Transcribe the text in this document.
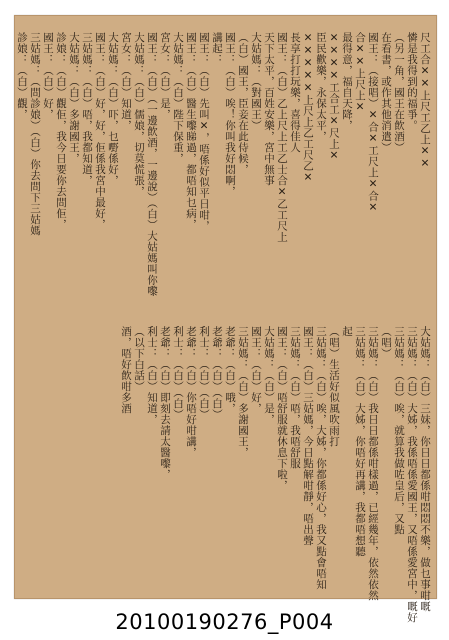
尺工合✕✕上尺工乙上✕✕
憐是我得到的福爭。
（另一角，國王在飲酒）
在看書，或作其他消遣）
國王：（接唱）✕合✕工尺上✕合✕
合✕✕上尺上✕
最得意，福自天降，
✕✕✕✕工合工✕尺上✕
臣民歡樂，永保太平，
✕✕✕✕✕上尺上乙工尺乙✕
長享打打玩樂，喜得佳人
國王：（白）乙上尺上工乙士合✕乙工尺上
天下太平，百姓安樂，宮中無事
大姑媽：（對國王）
（白）國王，臣妾在此侍候，
國王：（白）唉！你叫我好悶啊，
講起：
國王：（白）先叫✕，唔係好似平日咁，
國王：（白）醫生嚟睇過，都唔知乜病，
大姑媽：（白）陛下保重，
宮女：（白）是，
國王：（白）（一邊飲酒，一邊說）（白）大姑媽叫你嚟
大姑媽：（白）儒娘，切莫慌張，
宮女：（白）知道，
大姑媽：（白）吓，乜嘢係好，
國王：（白）好，好，佢係我宮中最好，
三姑媽：（白）唔，我都知道，
大姑媽：（白）多謝國王，
診娘：（白）觀佢，我今日要你去問佢，
國王：（白）好，
三姑媽：（問診娘）（白）你去問下三姑媽
診娘：（白）觀，
大姑媽：（白）三妹，你日日都係咁悶悶不樂，做乜事咁嘅
三姑媽：（白）大姊，我係唔係愛國王，又唔係愛宮中，嘅好
三姑媽：（白）唉，就算我做咗皇后，又點
（唱）
三姑媽：（白）我日日都係咁樣過，已經幾年，依然依然
三姑媽：（白）大姊，你唔好再講，我都唔想聽
起
（唱）生活好似風吹雨打
三姑媽：（白）唉，大姊，你都係好心，我又點會唔知
國王：（白）三姑媽，今日點解咁靜，唔出聲
三姑媽：（白）唔，我唔舒服
國王：（白）唔舒服就休息下啦，
大姑媽：（白）是，
國王：（白）好，
三姑媽：（白）多謝國王，
老爺：（白）哦，
老爺：（白）（白）
利士：（白）（白）
老爺：（白）你唔好咁講，
利士：（白）（白）
老爺：（白）即刻去請太醫嚟，
利士：（白）知道，
（以下白話）
酒，唔好飲咁多酒
20100190276_P004
